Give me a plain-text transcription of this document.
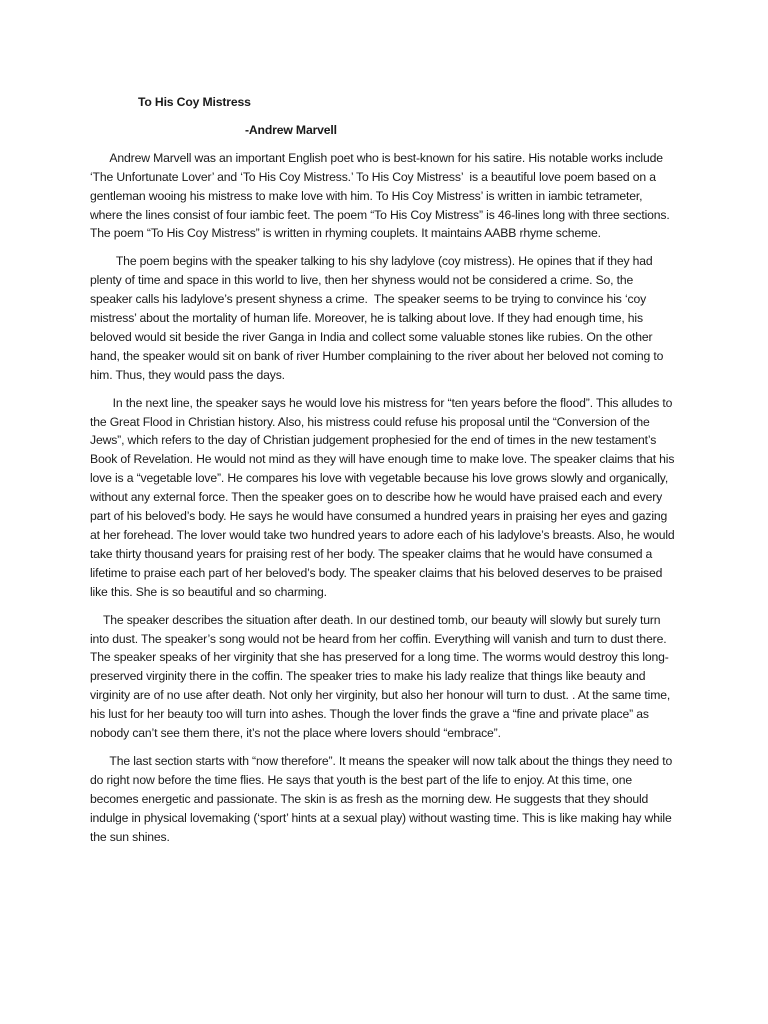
To His Coy Mistress
-Andrew Marvell

Andrew Marvell was an important English poet who is best-known for his satire. His notable works include ‘The Unfortunate Lover’ and ‘To His Coy Mistress.’ To His Coy Mistress’  is a beautiful love poem based on a gentleman wooing his mistress to make love with him. To His Coy Mistress’ is written in iambic tetrameter, where the lines consist of four iambic feet. The poem “To His Coy Mistress” is 46-lines long with three sections. The poem “To His Coy Mistress” is written in rhyming couplets. It maintains AABB rhyme scheme.

The poem begins with the speaker talking to his shy ladylove (coy mistress). He opines that if they had plenty of time and space in this world to live, then her shyness would not be considered a crime. So, the speaker calls his ladylove’s present shyness a crime.  The speaker seems to be trying to convince his ‘coy mistress’ about the mortality of human life. Moreover, he is talking about love. If they had enough time, his beloved would sit beside the river Ganga in India and collect some valuable stones like rubies. On the other hand, the speaker would sit on bank of river Humber complaining to the river about her beloved not coming to him. Thus, they would pass the days.

In the next line, the speaker says he would love his mistress for “ten years before the flood”. This alludes to the Great Flood in Christian history. Also, his mistress could refuse his proposal until the “Conversion of the Jews”, which refers to the day of Christian judgement prophesied for the end of times in the new testament’s Book of Revelation. He would not mind as they will have enough time to make love. The speaker claims that his love is a “vegetable love”. He compares his love with vegetable because his love grows slowly and organically, without any external force. Then the speaker goes on to describe how he would have praised each and every part of his beloved’s body. He says he would have consumed a hundred years in praising her eyes and gazing at her forehead. The lover would take two hundred years to adore each of his ladylove’s breasts. Also, he would take thirty thousand years for praising rest of her body. The speaker claims that he would have consumed a lifetime to praise each part of her beloved’s body. The speaker claims that his beloved deserves to be praised like this. She is so beautiful and so charming.

The speaker describes the situation after death. In our destined tomb, our beauty will slowly but surely turn into dust. The speaker’s song would not be heard from her coffin. Everything will vanish and turn to dust there. The speaker speaks of her virginity that she has preserved for a long time. The worms would destroy this long-preserved virginity there in the coffin. The speaker tries to make his lady realize that things like beauty and virginity are of no use after death. Not only her virginity, but also her honour will turn to dust. . At the same time, his lust for her beauty too will turn into ashes. Though the lover finds the grave a “fine and private place” as nobody can’t see them there, it’s not the place where lovers should “embrace”.

The last section starts with “now therefore”. It means the speaker will now talk about the things they need to do right now before the time flies. He says that youth is the best part of the life to enjoy. At this time, one becomes energetic and passionate. The skin is as fresh as the morning dew. He suggests that they should indulge in physical lovemaking (‘sport’ hints at a sexual play) without wasting time. This is like making hay while the sun shines.
